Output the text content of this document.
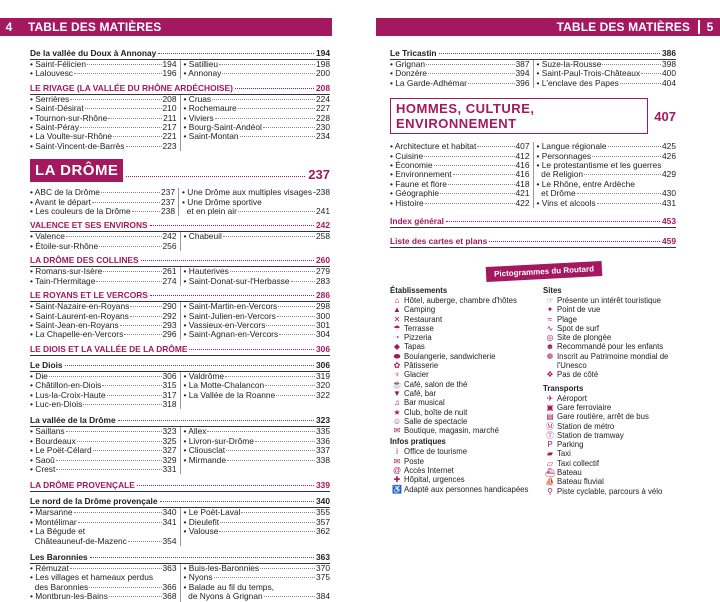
4	TABLE DES MATIÈRES
De la vallée du Doux à Annonay	194
• Saint-Félicien	194
• Lalouvesc	196
• Satillieu	198
• Annonay	200
LE RIVAGE (LA VALLÉE DU RHÔNE ARDÉCHOISE)	208
• Serrières	208
• Saint-Désirat	210
• Tournon-sur-Rhône	211
• Saint-Péray	217
• La Voulte-sur-Rhône	221
• Saint-Vincent-de-Barrès	223
• Cruas	224
• Rochemaure	227
• Viviers	228
• Bourg-Saint-Andéol	230
• Saint-Montan	234
LA DRÔME	237
• ABC de la Drôme	237
• Avant le départ	237
• Les couleurs de la Drôme	238
• Une Drôme aux multiples visages 238
• Une Drôme sportive
et en plein air	241
VALENCE ET SES ENVIRONS	242
• Valence	242
• Étoile-sur-Rhône	256
• Chabeuil	258
LA DRÔME DES COLLINES	260
• Romans-sur-Isère	261
• Tain-l'Hermitage	274
• Hauterives	279
• Saint-Donat-sur-l'Herbasse	283
LE ROYANS ET LE VERCORS	286
• Saint-Nazaire-en-Royans	290
• Saint-Laurent-en-Royans	292
• Saint-Jean-en-Royans	293
• La Chapelle-en-Vercors	296
• Saint-Martin-en-Vercors	298
• Saint-Julien-en-Vercors	300
• Vassieux-en-Vercors	301
• Saint-Agnan-en-Vercors	304
LE DIOIS ET LA VALLÉE DE LA DRÔME	306
Le Diois	306
• Die	306
• Châtillon-en-Diois	315
• Lus-la-Croix-Haute	317
• Luc-en-Diois	318
• Valdrôme	319
• La Motte-Chalancon	320
• La Vallée de la Roanne	322
La vallée de la Drôme	323
• Saillans	323
• Bourdeaux	325
• Le Poët-Célard	327
• Saoû	329
• Crest	331
• Allex	335
• Livron-sur-Drôme	336
• Cliousclat	337
• Mirmande	338
LA DRÔME PROVENÇALE	339
Le nord de la Drôme provençale	340
• Marsanne	340
• Montélimar	341
• La Bégude et
Châteauneuf-de-Mazenc	354
• Le Poët-Laval	355
• Dieulefit	357
• Valouse	362
Les Baronnies	363
• Rémuzat	363
• Les villages et hameaux perdus
des Baronnies	366
• Montbrun-les-Bains	368
• Buis-les-Baronnies	370
• Nyons	375
• Balade au fil du temps,
de Nyons à Grignan	384
TABLE DES MATIÈRES	5
Le Tricastin	386
• Grignan	387
• Donzère	394
• La Garde-Adhémar	396
• Suze-la-Rousse	398
• Saint-Paul-Trois-Châteaux	400
• L'enclave des Papes	404
HOMMES, CULTURE, ENVIRONNEMENT	407
• Architecture et habitat	407
• Cuisine	412
• Économie	416
• Environnement	416
• Faune et flore	418
• Géographie	421
• Histoire	422
• Langue régionale	425
• Personnages	426
• Le protestantisme et les guerres
de Religion	429
• Le Rhône, entre Ardèche
et Drôme	430
• Vins et alcools	431
Index général	453
Liste des cartes et plans	459
Pictogrammes du Routard
Établissements
⌂ Hôtel, auberge, chambre d'hôtes
▲ Camping
✕ Restaurant
☂ Terrasse
◔ Pizzeria
◆ Tapas
⬬ Boulangerie, sandwicherie
✿ Pâtisserie
♆ Glacier
☕ Café, salon de thé
▼ Café, bar
♫ Bar musical
★ Club, boîte de nuit
☺ Salle de spectacle
✉ Boutique, magasin, marché
Infos pratiques
i Office de tourisme
✉ Poste
@ Accès Internet
✚ Hôpital, urgences
♿ Adapté aux personnes handicapées
Sites
☞ Présente un intérêt touristique
✦ Point de vue
≈ Plage
∿ Spot de surf
◎ Site de plongée
☻ Recommandé pour les enfants
❁ Inscrit au Patrimoine mondial de l'Unesco
❖ Pas de côté
Transports
✈ Aéroport
▣ Gare ferroviaire
▤ Gare routière, arrêt de bus
Ⓜ Station de métro
Ⓣ Station de tramway
P Parking
▰ Taxi
▱ Taxi collectif
⛴ Bateau
⛵ Bateau fluvial
⚲ Piste cyclable, parcours à vélo
